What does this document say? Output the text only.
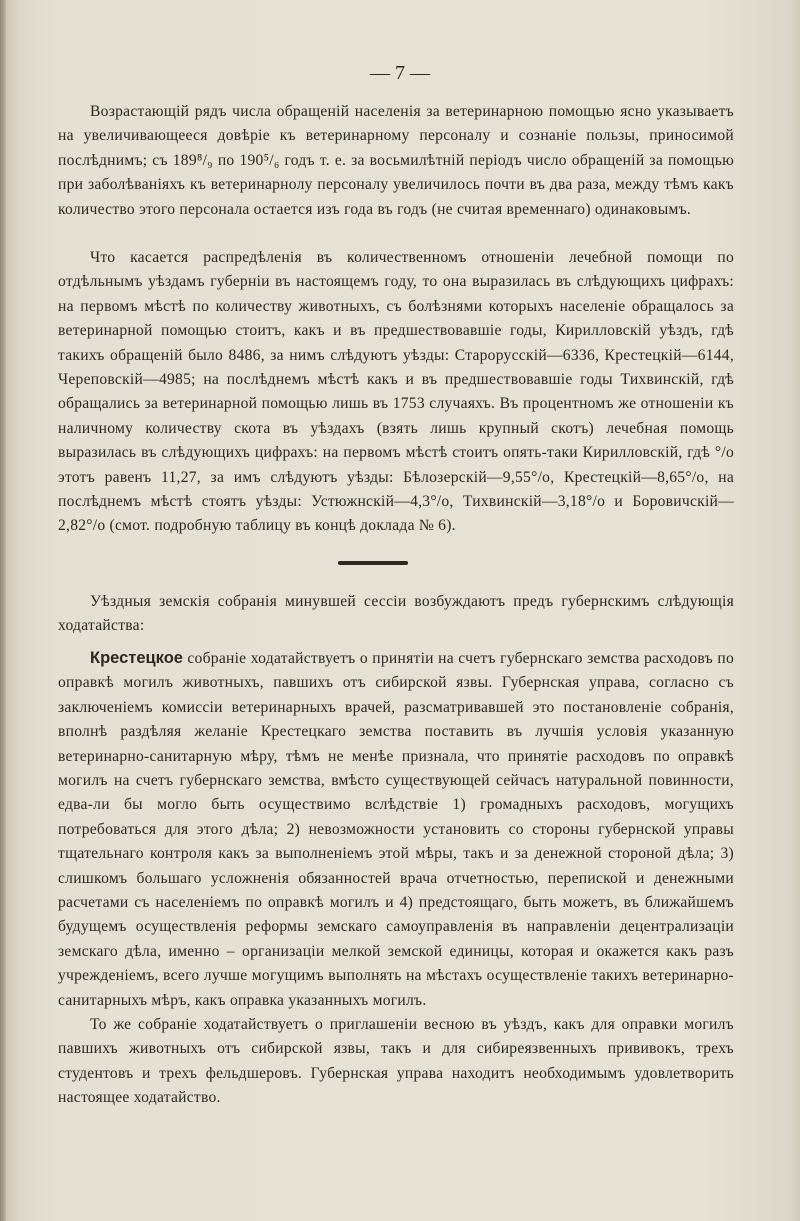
— 7 —

Возрастающій рядъ числа обращеній населенія за ветеринарною помощью ясно указываетъ на увеличивающееся довѣріе къ ветеринарному персоналу и сознаніе пользы, приносимой послѣднимъ; съ 189⁸/₉ по 190⁵/₆ годъ т. е. за восьмилѣтній періодъ число обращеній за помощью при заболѣваніяхъ къ ветеринарнолу персоналу увеличилось почти въ два раза, между тѣмъ какъ количество этого персонала остается изъ года въ годъ (не считая временнаго) одинаковымъ.

Что касается распредѣленія въ количественномъ отношеніи лечебной помощи по отдѣльнымъ уѣздамъ губерніи въ настоящемъ году, то она выразилась въ слѣдующихъ цифрахъ: на первомъ мѣстѣ по количеству животныхъ, съ болѣзнями которыхъ населеніе обращалось за ветеринарной помощью стоитъ, какъ и въ предшествовавшіе годы, Кирилловскій уѣздъ, гдѣ такихъ обращеній было 8486, за нимъ слѣдуютъ уѣзды: Старорусскій—6336, Крестецкій—6144, Череповскій—4985; на послѣднемъ мѣстѣ какъ и въ предшествовавшіе годы Тихвинскій, гдѣ обращались за ветеринарной помощью лишь въ 1753 случаяхъ. Въ процентномъ же отношеніи къ наличному количеству скота въ уѣздахъ (взять лишь крупный скотъ) лечебная помощь выразилась въ слѣдующихъ цифрахъ: на первомъ мѣстѣ стоитъ опять-таки Кирилловскій, гдѣ °/о этотъ равенъ 11,27, за имъ слѣдуютъ уѣзды: Бѣлозерскій—9,55°/о, Крестецкій—8,65°/о, на послѣднемъ мѣстѣ стоятъ уѣзды: Устюжнскій—4,3°/о, Тихвинскій—3,18°/о и Боровичскій—2,82°/о (смот. подробную таблицу въ концѣ доклада № 6).

Уѣздныя земскія собранія минувшей сессіи возбуждаютъ предъ губернскимъ слѣдующія ходатайства:

Крестецкое собраніе ходатайствуетъ о принятіи на счетъ губернскаго земства расходовъ по оправкѣ могилъ животныхъ, павшихъ отъ сибирской язвы. Губернская управа, согласно съ заключеніемъ комиссіи ветеринарныхъ врачей, разсматривавшей это постановленіе собранія, вполнѣ раздѣляя желаніе Крестецкаго земства поставить въ лучшія условія указанную ветеринарно-санитарную мѣру, тѣмъ не менѣе признала, что принятіе расходовъ по оправкѣ могилъ на счетъ губернскаго земства, вмѣсто существующей сейчасъ натуральной повинности, едва-ли бы могло быть осуществимо вслѣдствіе 1) громадныхъ расходовъ, могущихъ потребоваться для этого дѣла; 2) невозможности установить со стороны губернской управы тщательнаго контроля какъ за выполненіемъ этой мѣры, такъ и за денежной стороной дѣла; 3) слишкомъ большаго усложненія обязанностей врача отчетностью, перепиской и денежными расчетами съ населеніемъ по оправкѣ могилъ и 4) предстоящаго, быть можетъ, въ ближайшемъ будущемъ осуществленія реформы земскаго самоуправленія въ направленіи децентрализаціи земскаго дѣла, именно – организаціи мелкой земской единицы, которая и окажется какъ разъ учрежденіемъ, всего лучше могущимъ выполнять на мѣстахъ осуществленіе такихъ ветеринарно-санитарныхъ мѣръ, какъ оправка указанныхъ могилъ.

То же собраніе ходатайствуетъ о приглашеніи весною въ уѣздъ, какъ для оправки могилъ павшихъ животныхъ отъ сибирской язвы, такъ и для сибиреязвенныхъ прививокъ, трехъ студентовъ и трехъ фельдшеровъ. Губернская управа находитъ необходимымъ удовлетворить настоящее ходатайство.
